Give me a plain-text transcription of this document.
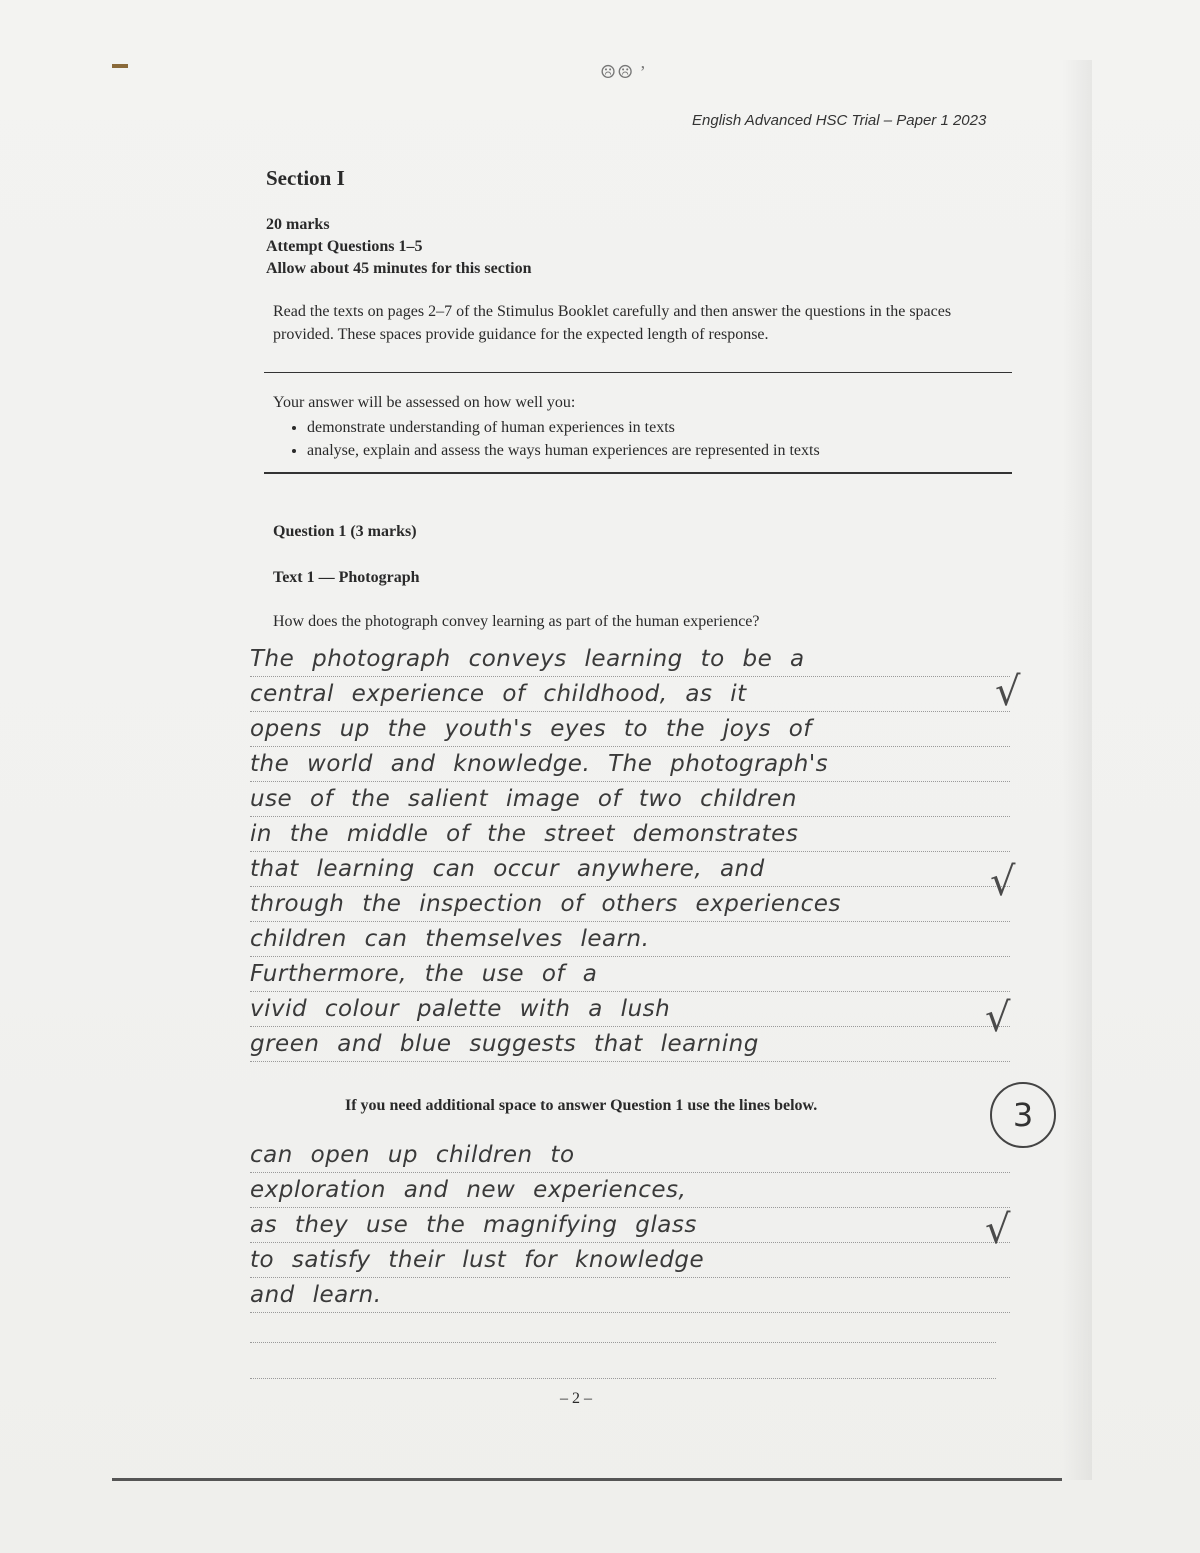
☹☹ ’
English Advanced HSC Trial – Paper 1 2023
Section I
20 marks
Attempt Questions 1–5
Allow about 45 minutes for this section
Read the texts on pages 2–7 of the Stimulus Booklet carefully and then answer the questions in the spaces provided. These spaces provide guidance for the expected length of response.
Your answer will be assessed on how well you:
• demonstrate understanding of human experiences in texts
• analyse, explain and assess the ways human experiences are represented in texts
Question 1 (3 marks)
Text 1 — Photograph
How does the photograph convey learning as part of the human experience?
The photograph conveys learning to be a
central experience of childhood, as it
opens up the youth's eyes to the joys of
the world and knowledge. The photograph's
use of the salient image of two children
in the middle of the street demonstrates
that learning can occur anywhere, and
through the inspection of others experiences
children can themselves learn.
Furthermore, the use of a
vivid colour palette with a lush
green and blue suggests that learning
√
√
√
If you need additional space to answer Question 1 use the lines below.	3
can open up children to
exploration and new experiences,
as they use the magnifying glass
to satisfy their lust for knowledge
and learn.
√
– 2 –
